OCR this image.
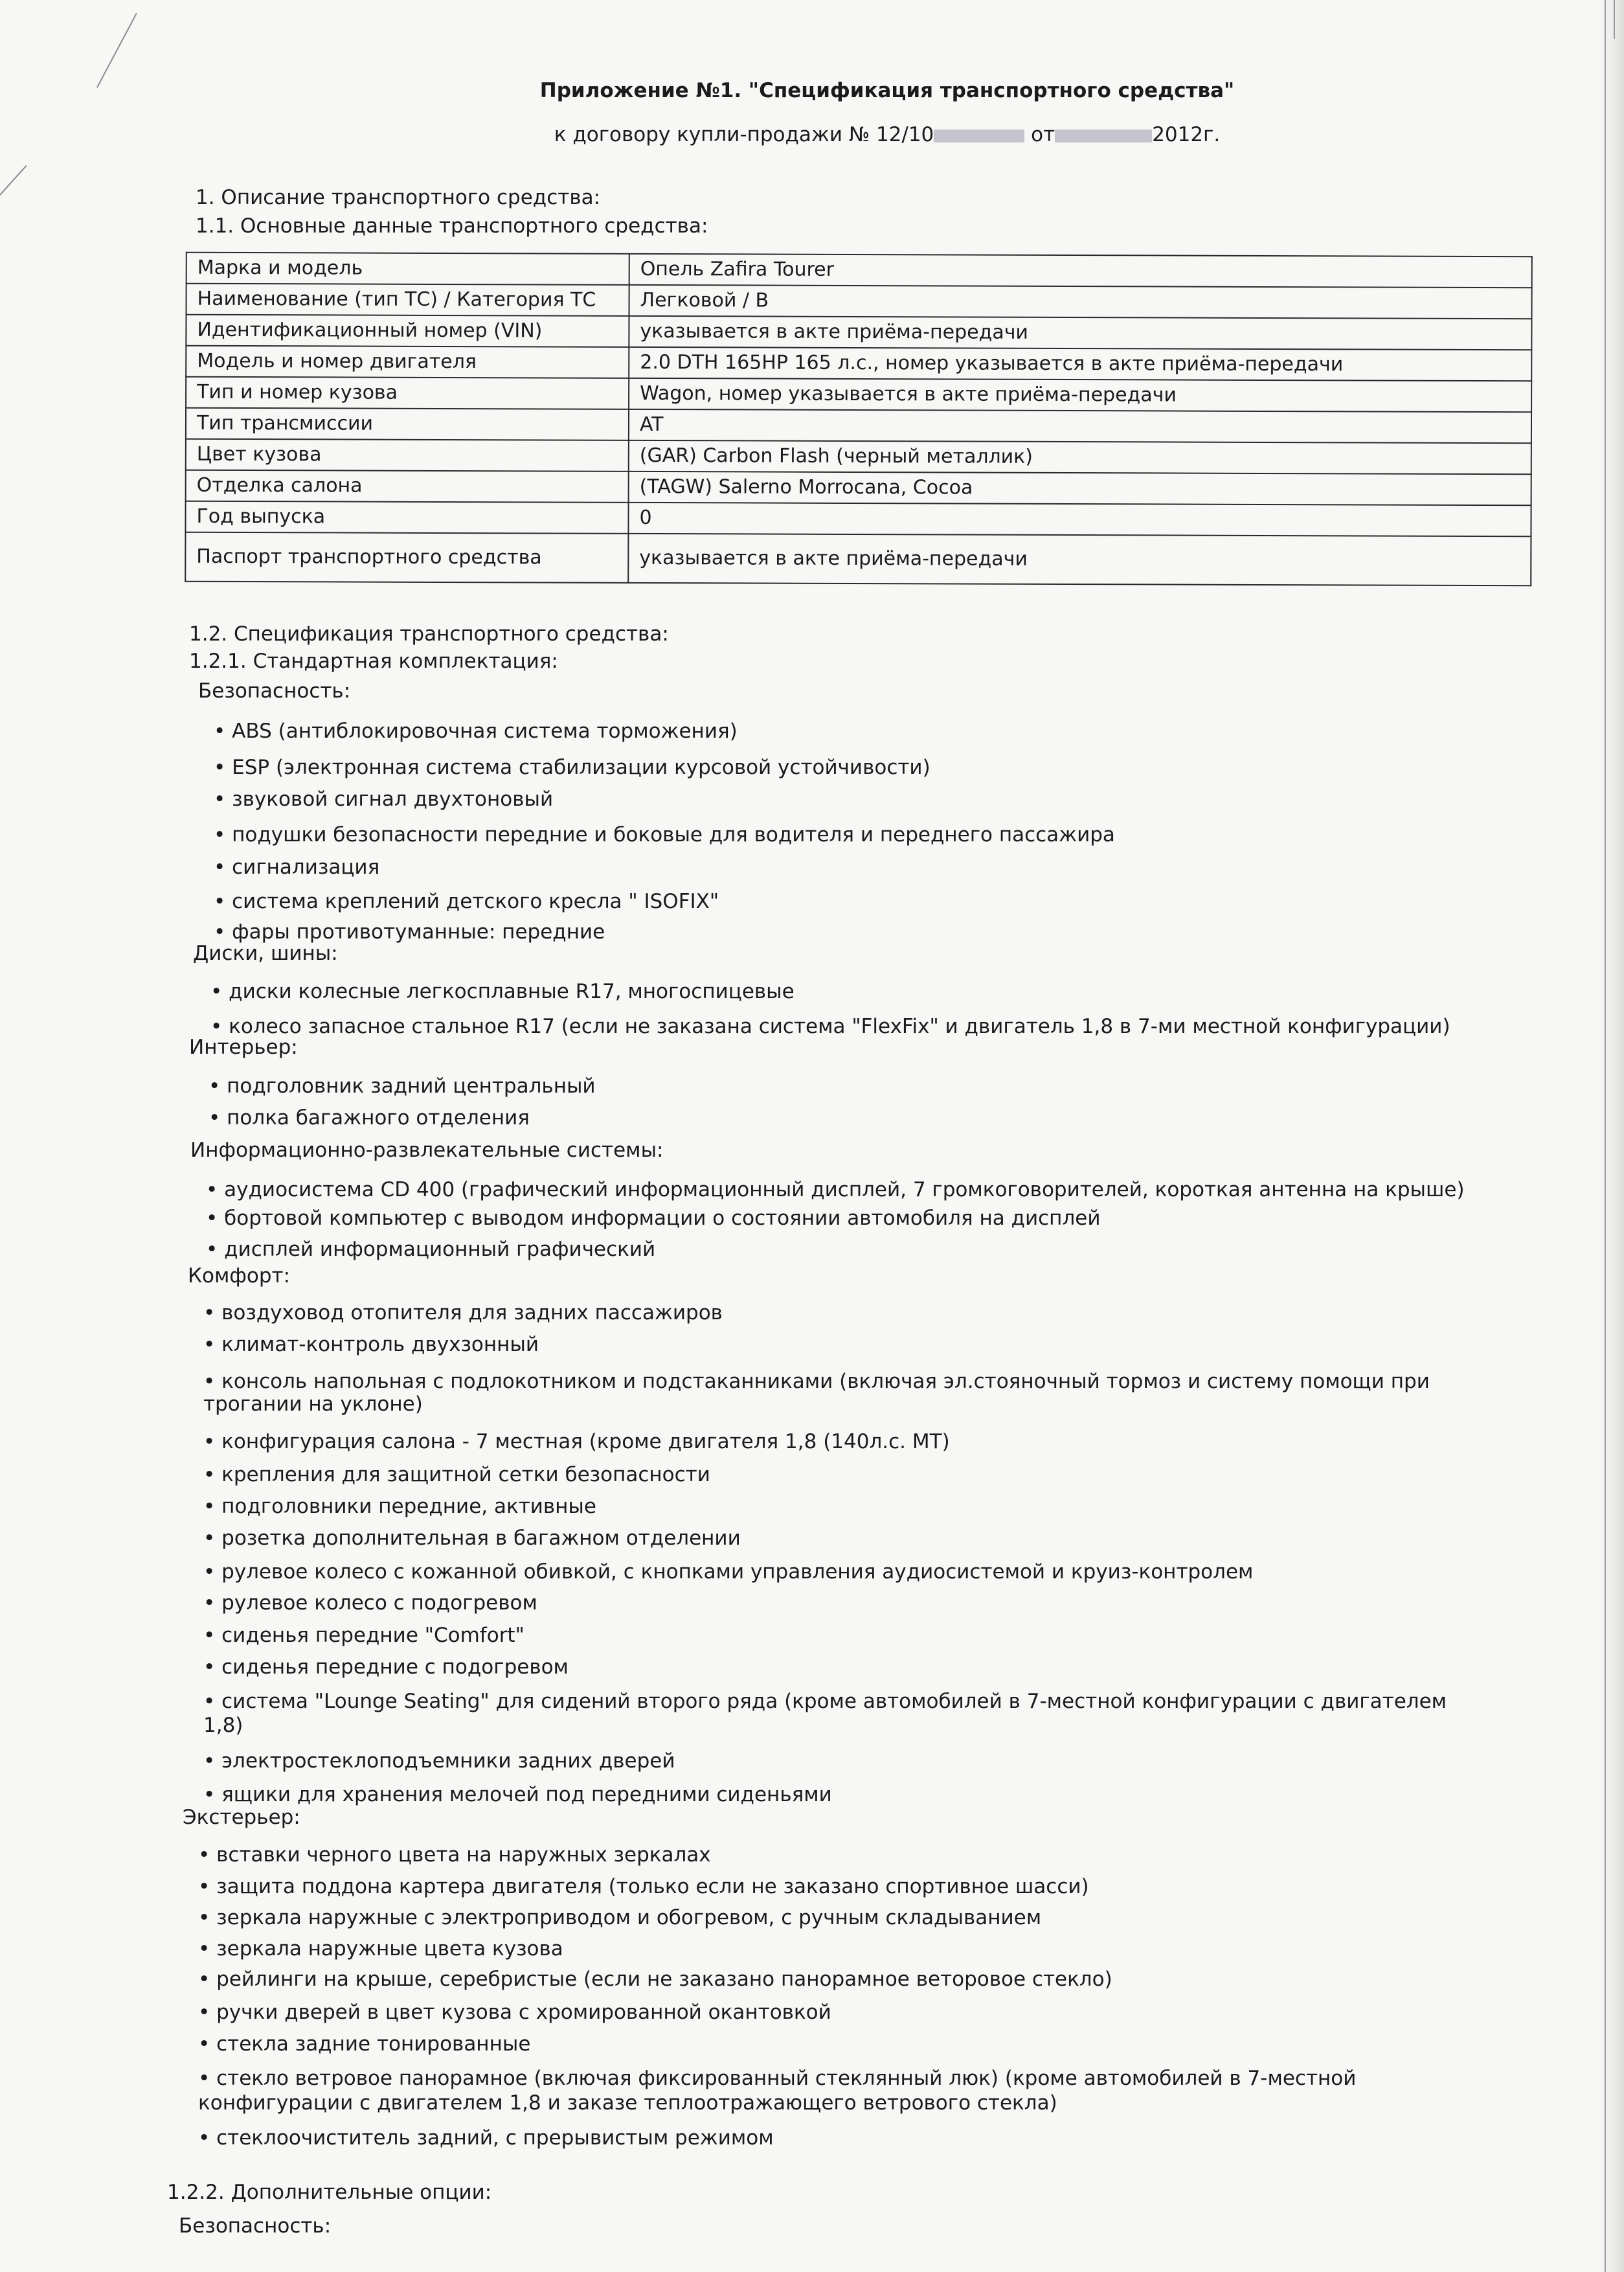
Приложение №1. "Спецификация транспортного средства"
к договору купли-продажи № 12/10	от	2012г.
1. Описание транспортного средства:
1.1. Основные данные транспортного средства:
Марка и модель	Опель Zafira Tourer
Наименование (тип ТС) / Категория ТС	Легковой / B
Идентификационный номер (VIN)	указывается в акте приёма-передачи
Модель и номер двигателя	2.0 DTH 165HP 165 л.с., номер указывается в акте приёма-передачи
Тип и номер кузова	Wagon, номер указывается в акте приёма-передачи
Тип трансмиссии	AT
Цвет кузова	(GAR) Carbon Flash (черный металлик)
Отделка салона	(TAGW) Salerno Morrocana, Cocoa
Год выпуска	0
Паспорт транспортного средства	указывается в акте приёма-передачи
1.2. Спецификация транспортного средства:
1.2.1. Стандартная комплектация:
Безопасность:
• ABS (антиблокировочная система торможения)
• ESP (электронная система стабилизации курсовой устойчивости)
• звуковой сигнал двухтоновый
• подушки безопасности передние и боковые для водителя и переднего пассажира
• сигнализация
• система креплений детского кресла " ISOFIX"
• фары противотуманные: передние
Диски, шины:
• диски колесные легкосплавные R17, многоспицевые
• колесо запасное стальное R17 (если не заказана система "FlexFix" и двигатель 1,8 в 7-ми местной конфигурации)
Интерьер:
• подголовник задний центральный
• полка багажного отделения
Информационно-развлекательные системы:
• аудиосистема CD 400 (графический информационный дисплей, 7 громкоговорителей, короткая антенна на крыше)
• бортовой компьютер с выводом информации о состоянии автомобиля на дисплей
• дисплей информационный графический
Комфорт:
• воздуховод отопителя для задних пассажиров
• климат-контроль двухзонный
• консоль напольная с подлокотником и подстаканниками (включая эл.стояночный тормоз и систему помощи при
трогании на уклоне)
• конфигурация салона - 7 местная (кроме двигателя 1,8 (140л.с. MT)
• крепления для защитной сетки безопасности
• подголовники передние, активные
• розетка дополнительная в багажном отделении
• рулевое колесо с кожанной обивкой, с кнопками управления аудиосистемой и круиз-контролем
• рулевое колесо с подогревом
• сиденья передние "Comfort"
• сиденья передние с подогревом
• система "Lounge Seating" для сидений второго ряда (кроме автомобилей в 7-местной конфигурации с двигателем
1,8)
• электростеклоподъемники задних дверей
• ящики для хранения мелочей под передними сиденьями
Экстерьер:
• вставки черного цвета на наружных зеркалах
• защита поддона картера двигателя (только если не заказано спортивное шасси)
• зеркала наружные с электроприводом и обогревом, с ручным складыванием
• зеркала наружные цвета кузова
• рейлинги на крыше, серебристые (если не заказано панорамное веторовое стекло)
• ручки дверей в цвет кузова с хромированной окантовкой
• стекла задние тонированные
• стекло ветровое панорамное (включая фиксированный стеклянный люк) (кроме автомобилей в 7-местной
конфигурации с двигателем 1,8 и заказе теплоотражающего ветрового стекла)
• стеклоочиститель задний, с прерывистым режимом
1.2.2. Дополнительные опции:
Безопасность:
